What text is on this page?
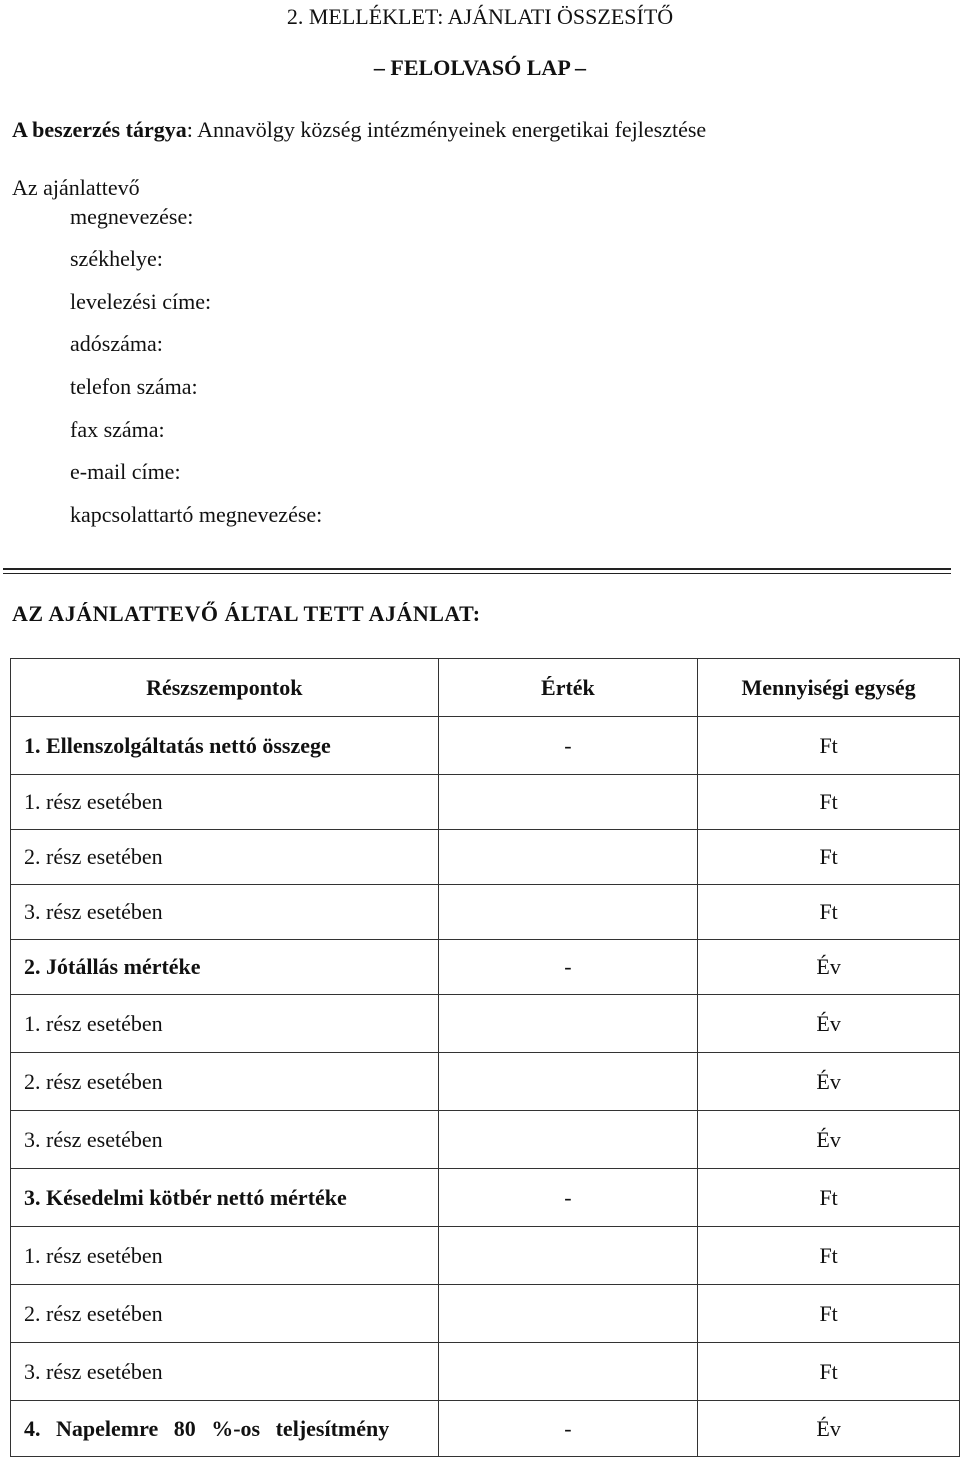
2. MELLÉKLET: AJÁNLATI ÖSSZESÍTŐ
– FELOLVASÓ LAP –
A beszerzés tárgya: Annavölgy község intézményeinek energetikai fejlesztése
Az ajánlattevő
megnevezése:
székhelye:
levelezési címe:
adószáma:
telefon száma:
fax száma:
e-mail címe:
kapcsolattartó megnevezése:
AZ AJÁNLATTEVŐ ÁLTAL TETT AJÁNLAT:
Részszempontok	Érték	Mennyiségi egység
1. Ellenszolgáltatás nettó összege	-	Ft
1. rész esetében		Ft
2. rész esetében		Ft
3. rész esetében		Ft
2. Jótállás mértéke	-	Év
1. rész esetében		Év
2. rész esetében		Év
3. rész esetében		Év
3. Késedelmi kötbér nettó mértéke	-	Ft
1. rész esetében		Ft
2. rész esetében		Ft
3. rész esetében		Ft
4. Napelemre 80 %-os teljesítmény	-	Év
